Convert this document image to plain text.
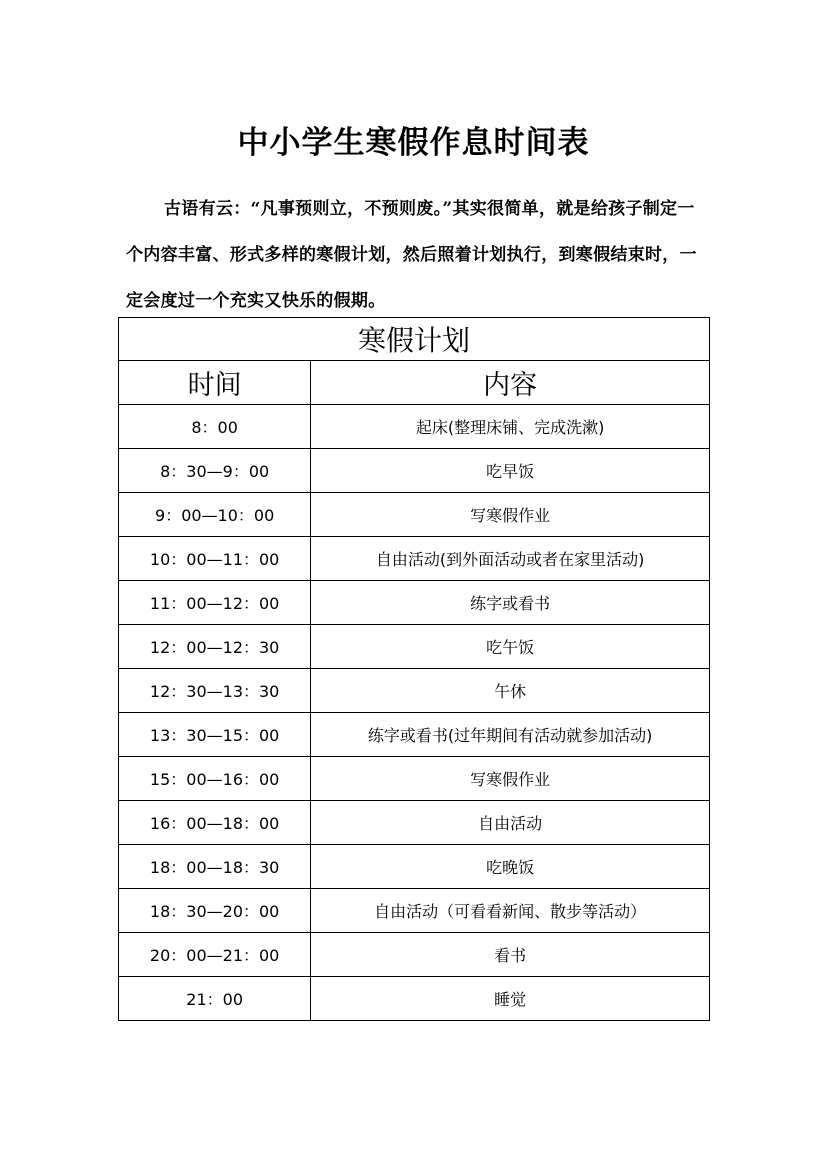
中小学生寒假作息时间表

古语有云：“凡事预则立，不预则废。”其实很简单，就是给孩子制定一个内容丰富、形式多样的寒假计划，然后照着计划执行，到寒假结束时，一定会度过一个充实又快乐的假期。

寒假计划	
时间	内容
8：00	起床(整理床铺、完成洗漱)
8：30—9：00	吃早饭
9：00—10：00	写寒假作业
10：00—11：00	自由活动(到外面活动或者在家里活动)
11：00—12：00	练字或看书
12：00—12：30	吃午饭
12：30—13：30	午休
13：30—15：00	练字或看书(过年期间有活动就参加活动)
15：00—16：00	写寒假作业
16：00—18：00	自由活动
18：00—18：30	吃晚饭
18：30—20：00	自由活动（可看看新闻、散步等活动）
20：00—21：00	看书
21：00	睡觉
